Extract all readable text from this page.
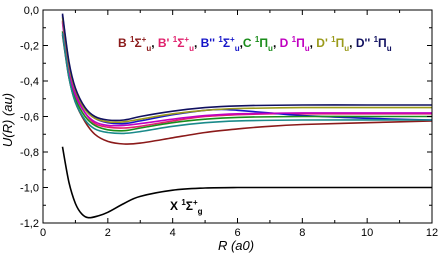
0	2	4	6	8	10	12
0,0
-0,2
-0,4
-0,6
-0,8
-1,0
-1,2
R (a0)
U(R) (au)
B $^1\Sigma^+_u$, B' $^1\Sigma^+_u$, B'' $^1\Sigma^+_u,C$ $^1\Pi_u$, D $^1\Pi_u$, D' $^1\Pi_u$, D'' $^1\Pi_u$
X $^1\Sigma^+_g$
